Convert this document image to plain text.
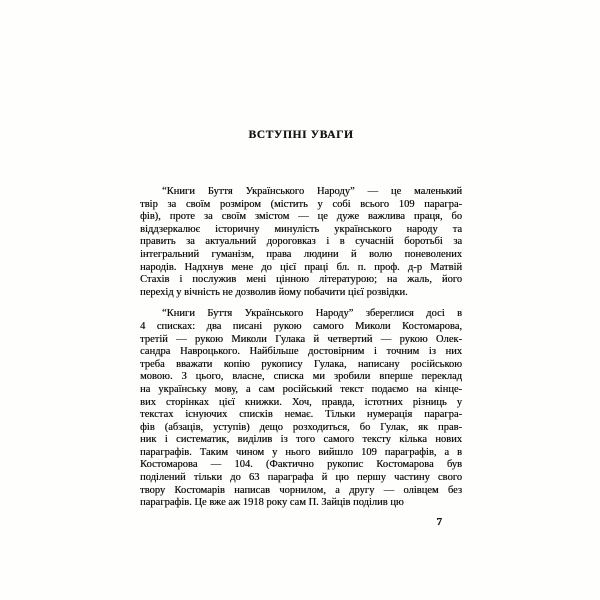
ВСТУПНІ УВАГИ
“Книги Буття Українського Народу” — це маленький
твір за своїм розміром (містить у собі всього 109 парагра-
фів), проте за своїм змістом — це дуже важлива праця, бо
віддзеркалює історичну минулість українського народу та
править за актуальний дороговказ і в сучасній боротьбі за
інтегральний гуманізм, права людини й волю поневолених
народів. Надхнув мене до цієї праці бл. п. проф. д-р Матвій
Стахів і послужив мені цінною літературою; на жаль, його
перехід у вічність не дозволив йому побачити цієї розвідки.
“Книги Буття Українського Народу” збереглися досі в
4 списках: два писані рукою самого Миколи Костомарова,
третій — рукою Миколи Гулака й четвертий — рукою Олек-
сандра Навроцького. Найбільше достовірним і точним із них
треба вважати копію рукопису Гулака, написану російською
мовою. З цього, власне, списка ми зробили вперше переклад
на українську мову, а сам російський текст подаємо на кінце-
вих сторінках цієї книжки. Хоч, правда, істотних різниць у
текстах існуючих списків немає. Тільки нумерація парагра-
фів (абзаців, уступів) дещо розходиться, бо Гулак, як прав-
ник і систематик, виділив із того самого тексту кілька нових
параграфів. Таким чином у нього вийшло 109 параграфів, а в
Костомарова — 104. (Фактично рукопис Костомарова був
поділений тільки до 63 параграфа й цю першу частину свого
твору Костомарів написав чорнилом, а другу — олівцем без
параграфів. Це вже аж 1918 року сам П. Зайців поділив цю
7
